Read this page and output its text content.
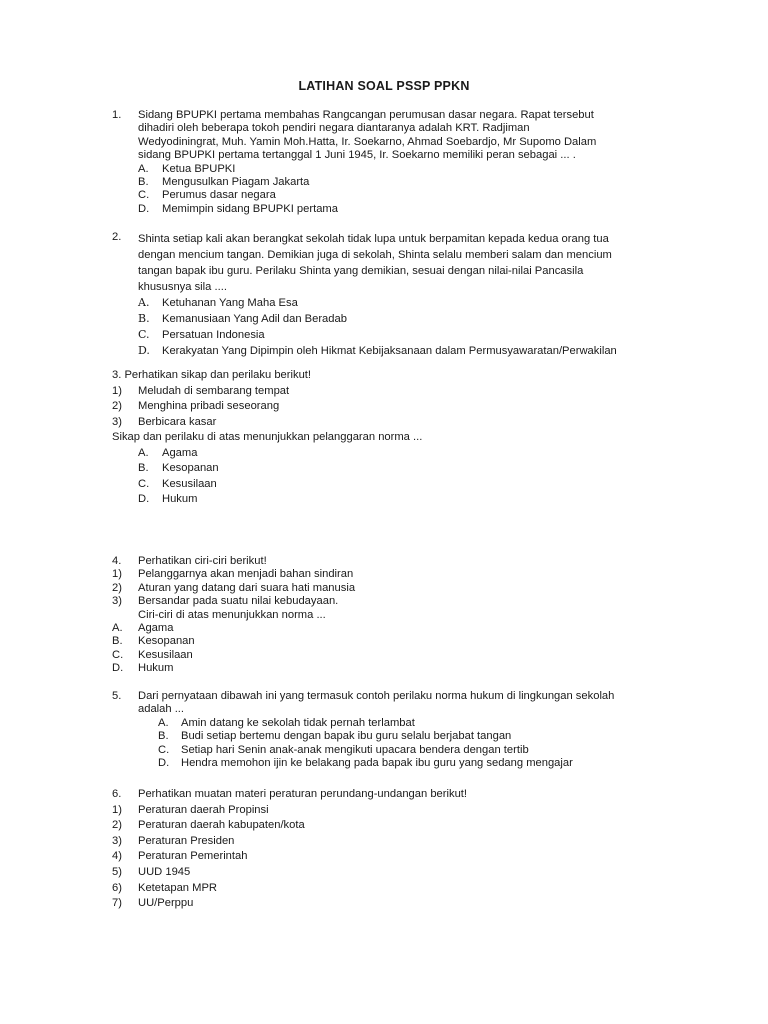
LATIHAN SOAL PSSP PPKN
1.	Sidang BPUPKI pertama membahas Rangcangan perumusan dasar negara. Rapat tersebut
dihadiri oleh beberapa tokoh pendiri negara diantaranya adalah KRT. Radjiman
Wedyodiningrat, Muh. Yamin Moh.Hatta, Ir. Soekarno, Ahmad Soebardjo, Mr Supomo Dalam
sidang BPUPKI pertama tertanggal 1 Juni 1945, Ir. Soekarno memiliki peran sebagai ... .
A.	Ketua BPUPKI
B.	Mengusulkan Piagam Jakarta
C.	Perumus dasar negara
D.	Memimpin sidang BPUPKI pertama
2.	Shinta setiap kali akan berangkat sekolah tidak lupa untuk berpamitan kepada kedua orang tua
dengan mencium tangan. Demikian juga di sekolah, Shinta selalu memberi salam dan mencium
tangan bapak ibu guru. Perilaku Shinta yang demikian, sesuai dengan nilai-nilai Pancasila
khususnya sila ....
A.	Ketuhanan Yang Maha Esa
B.	Kemanusiaan Yang Adil dan Beradab
C.	Persatuan Indonesia
D.	Kerakyatan Yang Dipimpin oleh Hikmat Kebijaksanaan dalam Permusyawaratan/Perwakilan
3. Perhatikan sikap dan perilaku berikut!
1)	Meludah di sembarang tempat
2)	Menghina pribadi seseorang
3)	Berbicara kasar
Sikap dan perilaku di atas menunjukkan pelanggaran norma ...
A.	Agama
B.	Kesopanan
C.	Kesusilaan
D.	Hukum
4.	Perhatikan ciri-ciri berikut!
1)	Pelanggarnya akan menjadi bahan sindiran
2)	Aturan yang datang dari suara hati manusia
3)	Bersandar pada suatu nilai kebudayaan.
Ciri-ciri di atas menunjukkan norma ...
A.	Agama
B.	Kesopanan
C.	Kesusilaan
D.	Hukum
5.	Dari pernyataan dibawah ini yang termasuk contoh perilaku norma hukum di lingkungan sekolah
adalah ...
A.	Amin datang ke sekolah tidak pernah terlambat
B.	Budi setiap bertemu dengan bapak ibu guru selalu berjabat tangan
C.	Setiap hari Senin anak-anak mengikuti upacara bendera dengan tertib
D.	Hendra memohon ijin ke belakang pada bapak ibu guru yang sedang mengajar
6.	Perhatikan muatan materi peraturan perundang-undangan berikut!
1)	Peraturan daerah Propinsi
2)	Peraturan daerah kabupaten/kota
3)	Peraturan Presiden
4)	Peraturan Pemerintah
5)	UUD 1945
6)	Ketetapan MPR
7)	UU/Perppu
